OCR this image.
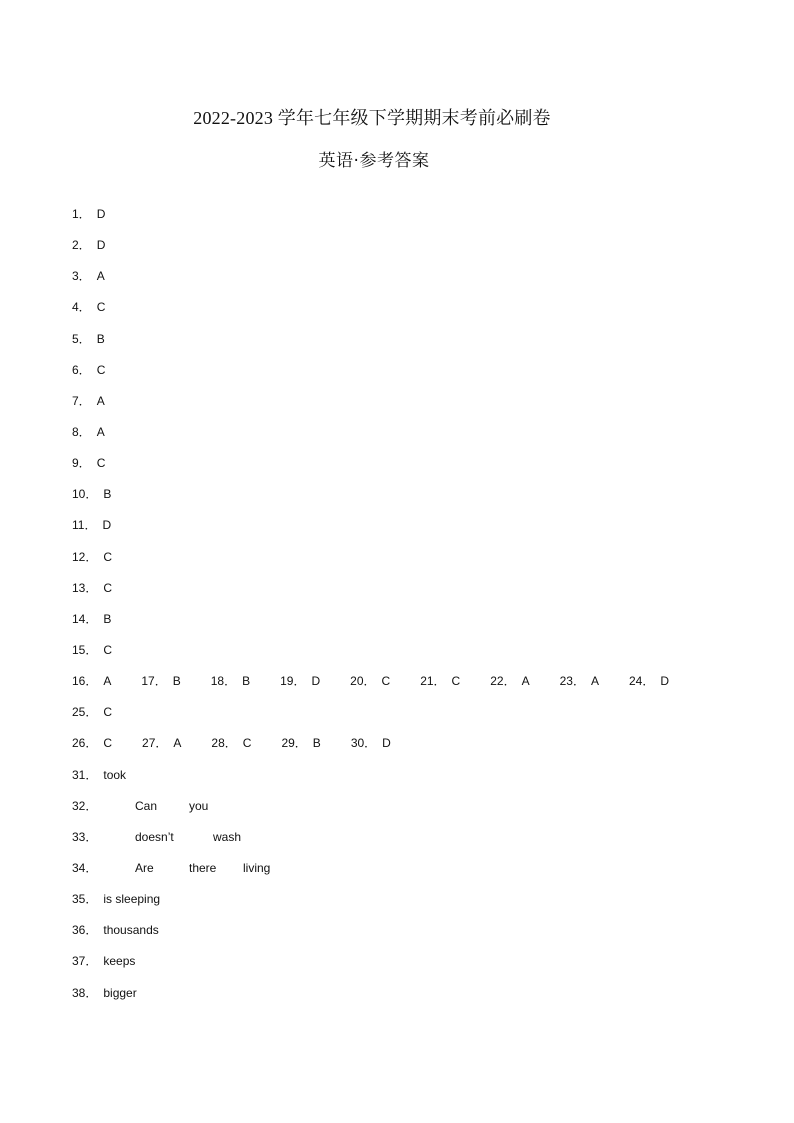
2022-2023 学年七年级下学期期末考前必刷卷
英语·参考答案
1． D
2． D
3． A
4． C
5． B
6． C
7． A
8． A
9． C
10． B
11． D
12． C
13． C
14． B
15． C
16． A	17． B	18． B	19． D	20． C	21． C	22． A	23． A	24． D
25． C
26． C	27． A	28． C	29． B	30． D
31． took
32．	Can	you
33．	doesn’t	wash
34．	Are	there living
35． is sleeping
36． thousands
37． keeps
38． bigger
